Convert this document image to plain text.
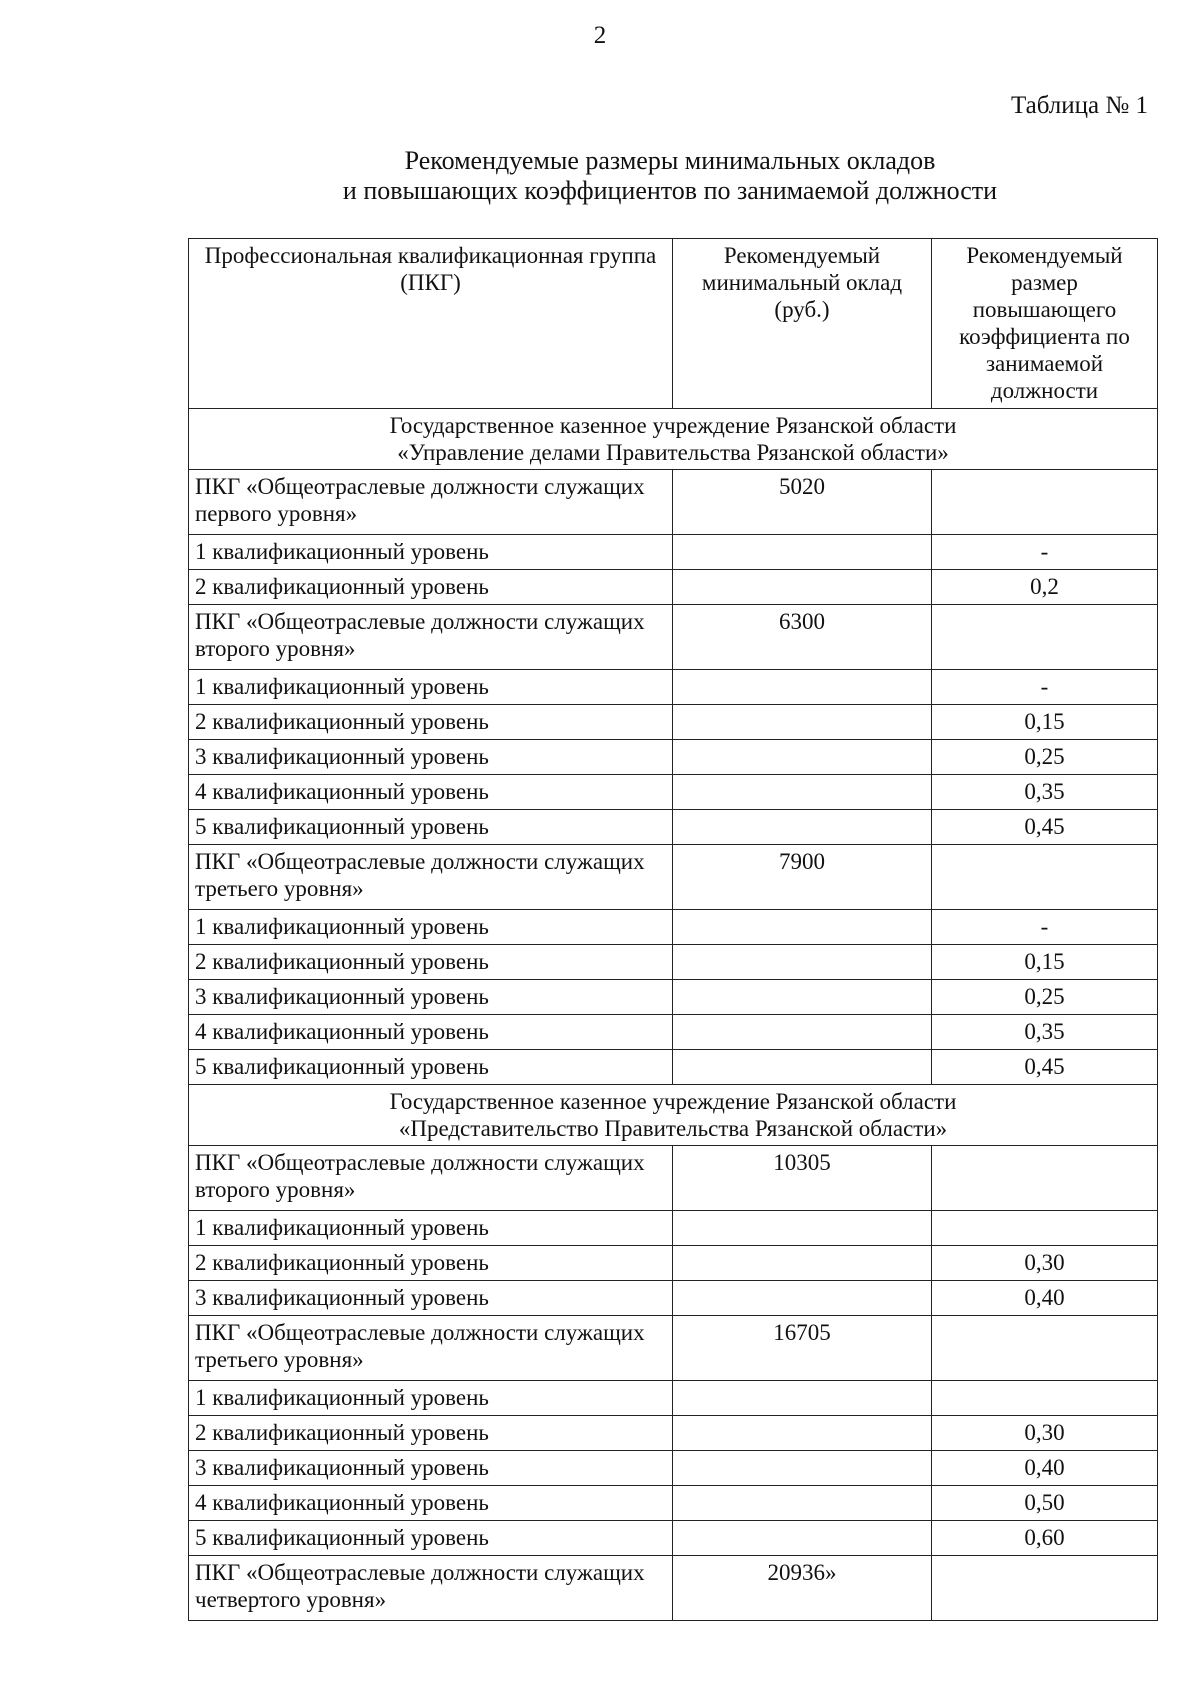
2
Таблица № 1
Рекомендуемые размеры минимальных окладов
и повышающих коэффициентов по занимаемой должности
Профессиональная квалификационная группа (ПКГ)	Рекомендуемый минимальный оклад (руб.)	Рекомендуемый размер повышающего коэффициента по занимаемой должности

Государственное казенное учреждение Рязанской области
«Управление делами Правительства Рязанской области»		

ПКГ «Общеотраслевые должности служащих первого уровня»	5020	
1 квалификационный уровень		-
2 квалификационный уровень		0,2
ПКГ «Общеотраслевые должности служащих второго уровня»	6300	
1 квалификационный уровень		-
2 квалификационный уровень		0,15
3 квалификационный уровень		0,25
4 квалификационный уровень		0,35
5 квалификационный уровень		0,45
ПКГ «Общеотраслевые должности служащих третьего уровня»	7900	
1 квалификационный уровень		-
2 квалификационный уровень		0,15
3 квалификационный уровень		0,25
4 квалификационный уровень		0,35
5 квалификационный уровень		0,45

Государственное казенное учреждение Рязанской области
«Представительство Правительства Рязанской области»		

ПКГ «Общеотраслевые должности служащих второго уровня»	10305	
1 квалификационный уровень		
2 квалификационный уровень		0,30
3 квалификационный уровень		0,40
ПКГ «Общеотраслевые должности служащих третьего уровня»	16705	
1 квалификационный уровень		
2 квалификационный уровень		0,30
3 квалификационный уровень		0,40
4 квалификационный уровень		0,50
5 квалификационный уровень		0,60
ПКГ «Общеотраслевые должности служащих четвертого уровня»	20936»	
